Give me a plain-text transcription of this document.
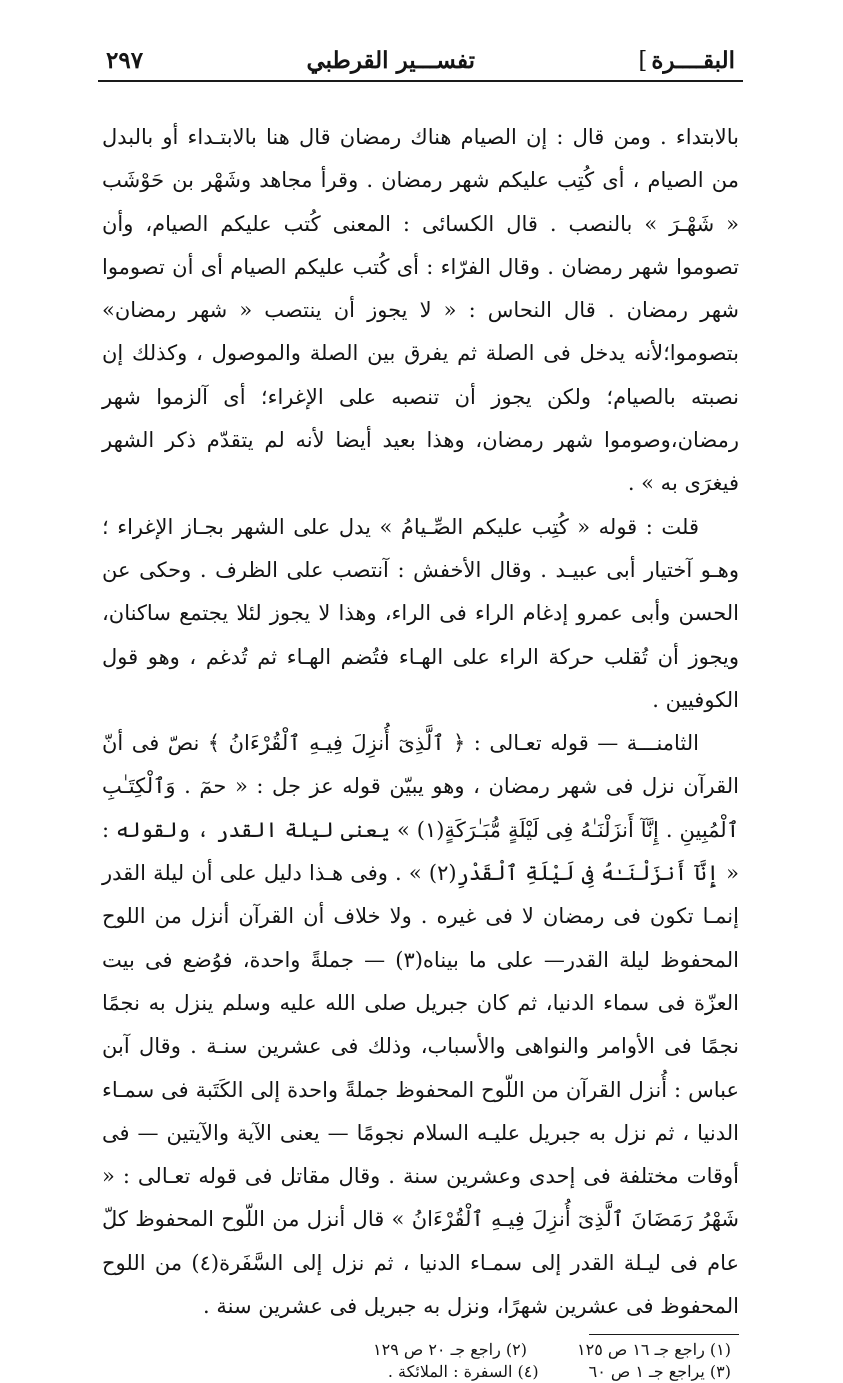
البقــــرة]
تفســـير القرطبي
٢٩٧

بالابتداء . ومن قال : إن الصيام هناك رمضان قال هنا بالابتـداء أو بالبدل من الصيام ، أى كُتِب عليكم شهر رمضان . وقرأ مجاهد وشَهْر بن حَوْشَب « شَهْـرَ » بالنصب . قال الكسائى : المعنى كُتب عليكم الصيام، وأن تصوموا شهر رمضان . وقال الفرّاء : أى كُتب عليكم الصيام أى أن تصوموا شهر رمضان . قال النحاس : « لا يجوز أن ينتصب « شهر رمضان» بتصوموا؛لأنه يدخل فى الصلة ثم يفرق بين الصلة والموصول ، وكذلك إن نصبته بالصيام؛ ولكن يجوز أن تنصبه على الإغراء؛ أى آلزموا شهر رمضان،وصوموا شهر رمضان، وهذا بعيد أيضا لأنه لم يتقدّم ذكر الشهر فيغرَى به » .

قلت : قوله « كُتِب عليكم الصِّـيامُ » يدل على الشهر بجـاز الإغراء ؛ وهـو آختيار أبى عبيـد . وقال الأخفش : آنتصب على الظرف . وحكى عن الحسن وأبى عمرو إدغام الراء فى الراء، وهذا لا يجوز لئلا يجتمع ساكنان، ويجوز أن تُقلب حركة الراء على الهـاء فتُضم الهـاء ثم تُدغم ، وهو قول الكوفيين .

الثامنـــة — قوله تعـالى : ﴿ ٱلَّذِىٓ أُنزِلَ فِيـهِ ٱلْقُرْءَانُ ﴾ نصّ فى أنّ القرآن نزل فى شهر رمضان ، وهو يبيّن قوله عز جل : « حمٓ . وَٱلْكِتَـٰبِ ٱلْمُبِينِ . إِنَّآ أَنزَلْنَـٰهُ فِى لَيْلَةٍ مُّبَـٰرَكَةٍ(١) » يعنى ليلة القدر ، ولقوله : « إِنَّآ أَنزَلْنَـٰهُ فِى لَيْلَةِ ٱلْقَدْرِ(٢) » . وفى هـذا دليل على أن ليلة القدر إنمـا تكون فى رمضان لا فى غيره . ولا خلاف أن القرآن أنزل من اللوح المحفوظ ليلة القدر— على ما بيناه(٣) — جملةً واحدة، فوُضع فى بيت العزّة فى سماء الدنيا، ثم كان جبريل صلى الله عليه وسلم ينزل به نجمًا نجمًا فى الأوامر والنواهى والأسباب، وذلك فى عشرين سنـة . وقال آبن عباس : أُنزل القرآن من اللّوح المحفوظ جملةً واحدة إلى الكَتَبة فى سمـاء الدنيا ، ثم نزل به جبريل عليـه السلام نجومًا — يعنى الآية والآيتين — فى أوقات مختلفة فى إحدى وعشرين سنة . وقال مقاتل فى قوله تعـالى : « شَهْرُ رَمَضَانَ ٱلَّذِىٓ أُنزِلَ فِيـهِ ٱلْقُرْءَانُ » قال أنزل من اللّوح المحفوظ كلّ عام فى ليـلة القدر إلى سمـاء الدنيا ، ثم نزل إلى السَّفَرة(٤) من اللوح المحفوظ فى عشرين شهرًا، ونزل به جبريل فى عشرين سنة .

(١) راجع جـ ١٦ ص ١٢٥
(٢) راجع جـ ٢٠ ص ١٢٩
(٣) يراجع جـ ١ ص ٦٠
(٤) السفرة : الملائكة .
